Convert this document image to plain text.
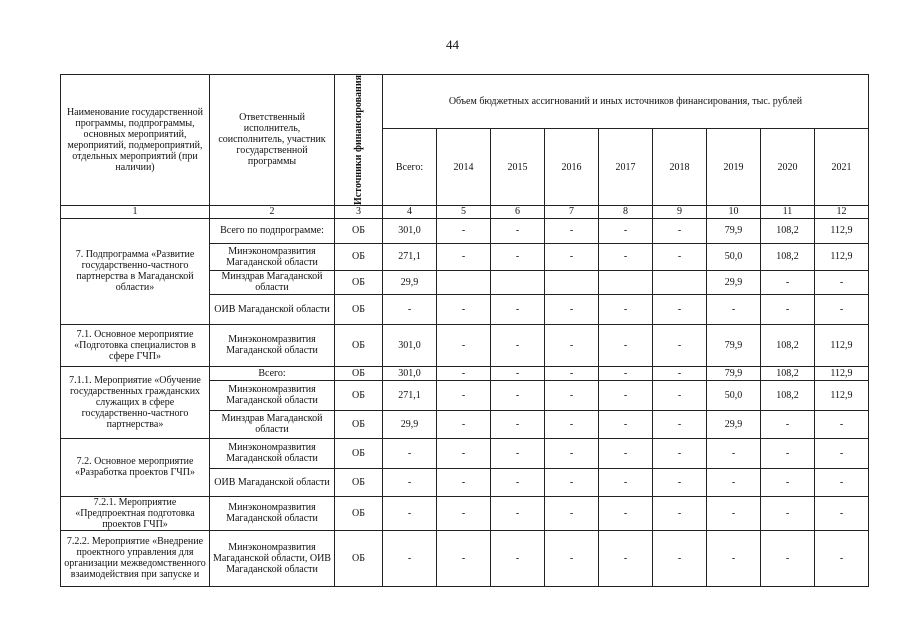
44
Наименование государственной программы, подпрограммы, основных мероприятий, мероприятий, подмероприятий, отдельных мероприятий (при наличии)	Ответственный исполнитель, соисполнитель, участник государственной программы	Источники финансирования	Объем бюджетных ассигнований и иных источников финансирования, тыс. рублей								
			Всего:	2014	2015	2016	2017	2018	2019	2020	2021
1	2	3	4	5	6	7	8	9	10	11	12
7. Подпрограмма «Развитие государственно-частного партнерства в Магаданской области»	Всего по подпрограмме:	ОБ	301,0	-	-	-	-	-	79,9	108,2	112,9
	Минэкономразвития Магаданской области	ОБ	271,1	-	-	-	-	-	50,0	108,2	112,9
	Минздрав Магаданской области	ОБ	29,9						29,9	-	-
	ОИВ Магаданской области	ОБ	-	-	-	-	-	-	-	-	-
7.1. Основное мероприятие «Подготовка специалистов в сфере ГЧП»	Минэкономразвития Магаданской области	ОБ	301,0	-	-	-	-	-	79,9	108,2	112,9
7.1.1. Мероприятие «Обучение государственных гражданских служащих в сфере государственно-частного партнерства»	Всего:	ОБ	301,0	-	-	-	-	-	79,9	108,2	112,9
	Минэкономразвития Магаданской области	ОБ	271,1	-	-	-	-	-	50,0	108,2	112,9
	Минздрав Магаданской области	ОБ	29,9	-	-	-	-	-	29,9	-	-
7.2. Основное мероприятие «Разработка проектов ГЧП»	Минэкономразвития Магаданской области	ОБ	-	-	-	-	-	-	-	-	-
	ОИВ Магаданской области	ОБ	-	-	-	-	-	-	-	-	-
7.2.1. Мероприятие «Предпроектная подготовка проектов ГЧП»	Минэкономразвития Магаданской области	ОБ	-	-	-	-	-	-	-	-	-
7.2.2. Мероприятие «Внедрение проектного управления для организации межведомственного взаимодействия при запуске и	Минэкономразвития Магаданской области, ОИВ Магаданской области	ОБ	-	-	-	-	-	-	-	-	-
